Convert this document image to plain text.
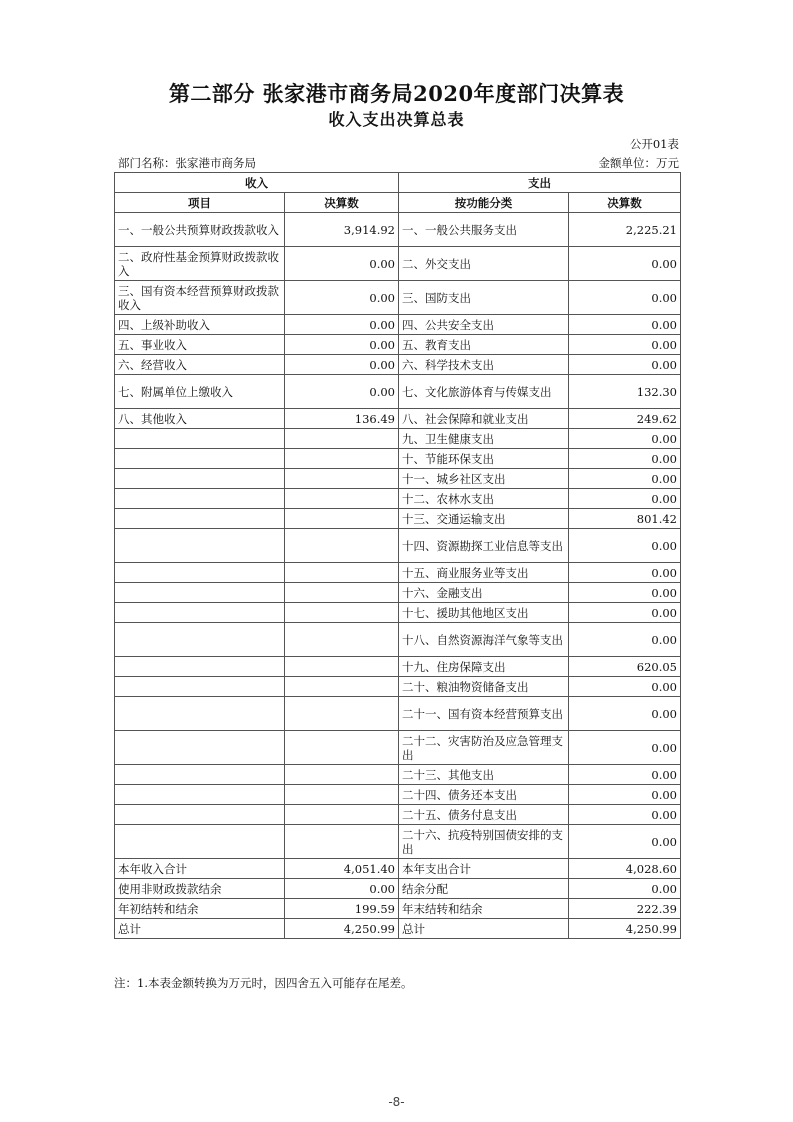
第二部分 张家港市商务局2020年度部门决算表
收入支出决算总表
公开01表
部门名称：张家港市商务局	金额单位：万元
收入		支出	
项目	决算数	按功能分类	决算数
一、一般公共预算财政拨款收入	3,914.92	一、一般公共服务支出	2,225.21
二、政府性基金预算财政拨款收入	0.00	二、外交支出	0.00
三、国有资本经营预算财政拨款收入	0.00	三、国防支出	0.00
四、上级补助收入	0.00	四、公共安全支出	0.00
五、事业收入	0.00	五、教育支出	0.00
六、经营收入	0.00	六、科学技术支出	0.00
七、附属单位上缴收入	0.00	七、文化旅游体育与传媒支出	132.30
八、其他收入	136.49	八、社会保障和就业支出	249.62
		九、卫生健康支出	0.00
		十、节能环保支出	0.00
		十一、城乡社区支出	0.00
		十二、农林水支出	0.00
		十三、交通运输支出	801.42
		十四、资源勘探工业信息等支出	0.00
		十五、商业服务业等支出	0.00
		十六、金融支出	0.00
		十七、援助其他地区支出	0.00
		十八、自然资源海洋气象等支出	0.00
		十九、住房保障支出	620.05
		二十、粮油物资储备支出	0.00
		二十一、国有资本经营预算支出	0.00
		二十二、灾害防治及应急管理支出	0.00
		二十三、其他支出	0.00
		二十四、债务还本支出	0.00
		二十五、债务付息支出	0.00
		二十六、抗疫特别国债安排的支出	0.00
本年收入合计	4,051.40	本年支出合计	4,028.60
使用非财政拨款结余	0.00	结余分配	0.00
年初结转和结余	199.59	年末结转和结余	222.39
总计	4,250.99	总计	4,250.99
注：1.本表金额转换为万元时，因四舍五入可能存在尾差。
-8-
